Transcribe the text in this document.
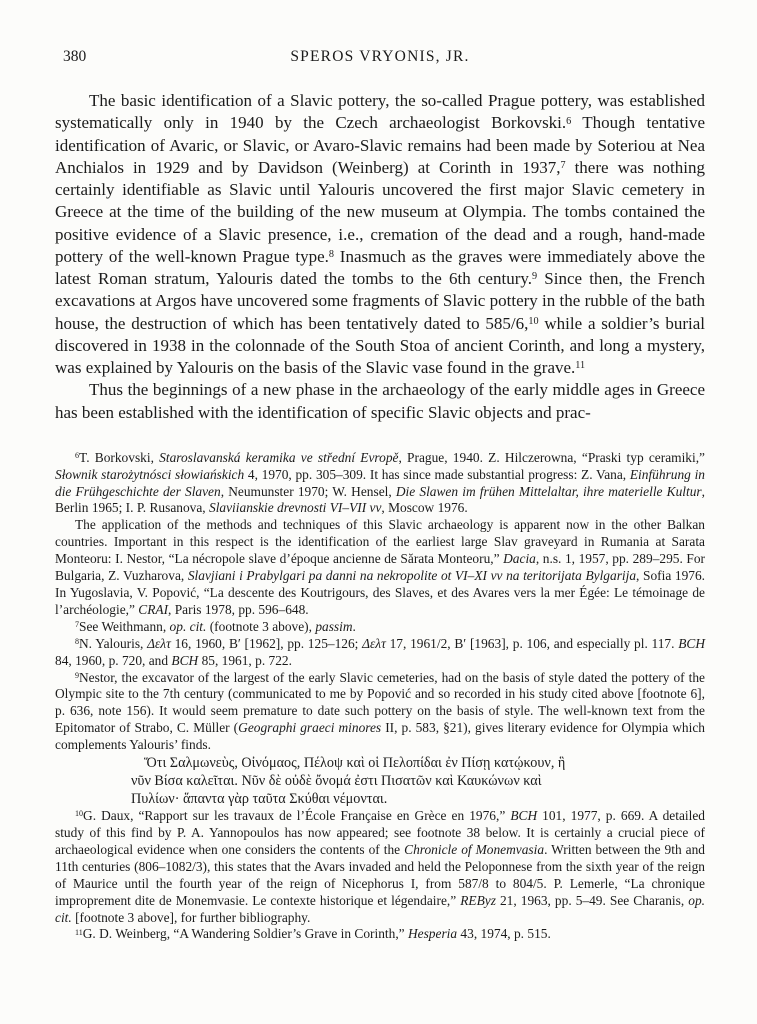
380	SPEROS VRYONIS, JR.

The basic identification of a Slavic pottery, the so-called Prague pottery, was established systematically only in 1940 by the Czech archaeologist Borkovski.$^6$ Though tentative identification of Avaric, or Slavic, or Avaro-Slavic remains had been made by Soteriou at Nea Anchialos in 1929 and by Davidson (Weinberg) at Corinth in 1937,$^7$ there was nothing certainly identifiable as Slavic until Yalouris uncovered the first major Slavic cemetery in Greece at the time of the building of the new museum at Olympia. The tombs contained the positive evidence of a Slavic presence, i.e., cremation of the dead and a rough, hand-made pottery of the well-known Prague type.$^8$ Inasmuch as the graves were immediately above the latest Roman stratum, Yalouris dated the tombs to the 6th century.$^9$ Since then, the French excavations at Argos have uncovered some fragments of Slavic pottery in the rubble of the bath house, the destruction of which has been tentatively dated to 585/6,10 while a soldier’s burial discovered in 1938 in the colonnade of the South Stoa of ancient Corinth, and long a mystery, was explained by Yalouris on the basis of the Slavic vase found in the grave.$^{11}$

Thus the beginnings of a new phase in the archaeology of the early middle ages in Greece has been established with the identification of specific Slavic objects and prac-

$^6$T. Borkovski, Staroslavanská keramika ve střední Evropě, Prague, 1940. Z. Hilczerowna, “Praski typ ceramiki,” Słownik starożytnósci słowiańskich 4, 1970, pp. 305–309. It has since made substantial progress: Z. Vana, Einführung in die Frühgeschichte der Slaven, Neumunster 1970; W. Hensel, Die Slawen im frühen Mittelaltar, ihre materielle Kultur, Berlin 1965; I. P. Rusanova, Slaviianskie drevnosti VI–VII vv, Moscow 1976.

The application of the methods and techniques of this Slavic archaeology is apparent now in the other Balkan countries. Important in this respect is the identification of the earliest large Slav graveyard in Rumania at Sarata Monteoru: I. Nestor, “La nécropole slave d’époque ancienne de Sărata Monteoru,” Dacia, n.s. 1, 1957, pp. 289–295. For Bulgaria, Z. Vuzharova, Slavjiani i Prabylgari pa danni na nekropolite ot VI–XI vv na teritorijata Bylgarija, Sofia 1976. In Yugoslavia, V. Popović, “La descente des Koutrigours, des Slaves, et des Avares vers la mer Égée: Le témoinage de l’archéologie,” CRAI, Paris 1978, pp. 596–648.

$^7$See Weithmann, op. cit. (footnote 3 above), passim.

$^8$N. Yalouris, Δελτ 16, 1960, Β′ [1962], pp. 125–126; Δελτ 17, 1961/2, Β′ [1963], p. 106, and especially pl. 117. BCH 84, 1960, p. 720, and BCH 85, 1961, p. 722.

$^9$Nestor, the excavator of the largest of the early Slavic cemeteries, had on the basis of style dated the pottery of the Olympic site to the 7th century (communicated to me by Popović and so recorded in his study cited above [footnote 6], p. 636, note 156). It would seem premature to date such pottery on the basis of style. The well-known text from the Epitomator of Strabo, C. Müller (Geographi graeci minores II, p. 583, §21), gives literary evidence for Olympia which complements Yalouris’ finds.

Ὅτι Σαλμωνεὺς, Οἰνόμαος, Πέλοψ καὶ οἱ Πελοπίδαι ἐν Πίσῃ κατῴκουν, ἣ
νῦν Βίσα καλεῖται. Νῦν δὲ οὐδὲ ὄνομά ἐστι Πισατῶν καὶ Καυκώνων καὶ
Πυλίων· ἅπαντα γὰρ ταῦτα Σκύθαι νέμονται.

$^{10}$G. Daux, “Rapport sur les travaux de l’École Française en Grèce en 1976,” BCH 101, 1977, p. 669. A detailed study of this find by P. A. Yannopoulos has now appeared; see footnote 38 below. It is certainly a crucial piece of archaeological evidence when one considers the contents of the Chronicle of Monemvasia. Written between the 9th and 11th centuries (806–1082/3), this states that the Avars invaded and held the Peloponnese from the sixth year of the reign of Maurice until the fourth year of the reign of Nicephorus I, from 587/8 to 804/5. P. Lemerle, “La chronique improprement dite de Monemvasie. Le contexte historique et légendaire,” REByz 21, 1963, pp. 5–49. See Charanis, op. cit. [footnote 3 above], for further bibliography.

$^{11}$G. D. Weinberg, “A Wandering Soldier’s Grave in Corinth,” Hesperia 43, 1974, p. 515.
